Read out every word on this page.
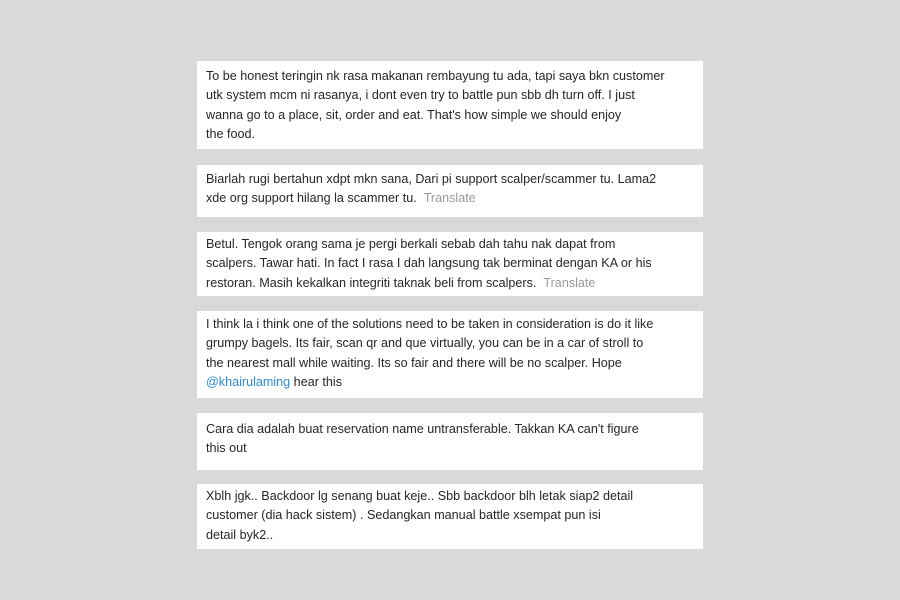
To be honest teringin nk rasa makanan rembayung tu ada, tapi saya bkn customer
utk system mcm ni rasanya, i dont even try to battle pun sbb dh turn off. I just
wanna go to a place, sit, order and eat. That's how simple we should enjoy
the food.
Biarlah rugi bertahun xdpt mkn sana, Dari pi support scalper/scammer tu. Lama2
xde org support hilang la scammer tu. Translate
Betul. Tengok orang sama je pergi berkali sebab dah tahu nak dapat from
scalpers. Tawar hati. In fact I rasa I dah langsung tak berminat dengan KA or his
restoran. Masih kekalkan integriti taknak beli from scalpers. Translate
I think la i think one of the solutions need to be taken in consideration is do it like
grumpy bagels. Its fair, scan qr and que virtually, you can be in a car of stroll to
the nearest mall while waiting. Its so fair and there will be no scalper. Hope
@khairulaming hear this
Cara dia adalah buat reservation name untransferable. Takkan KA can't figure
this out
Xblh jgk.. Backdoor lg senang buat keje.. Sbb backdoor blh letak siap2 detail
customer (dia hack sistem) . Sedangkan manual battle xsempat pun isi
detail byk2..
